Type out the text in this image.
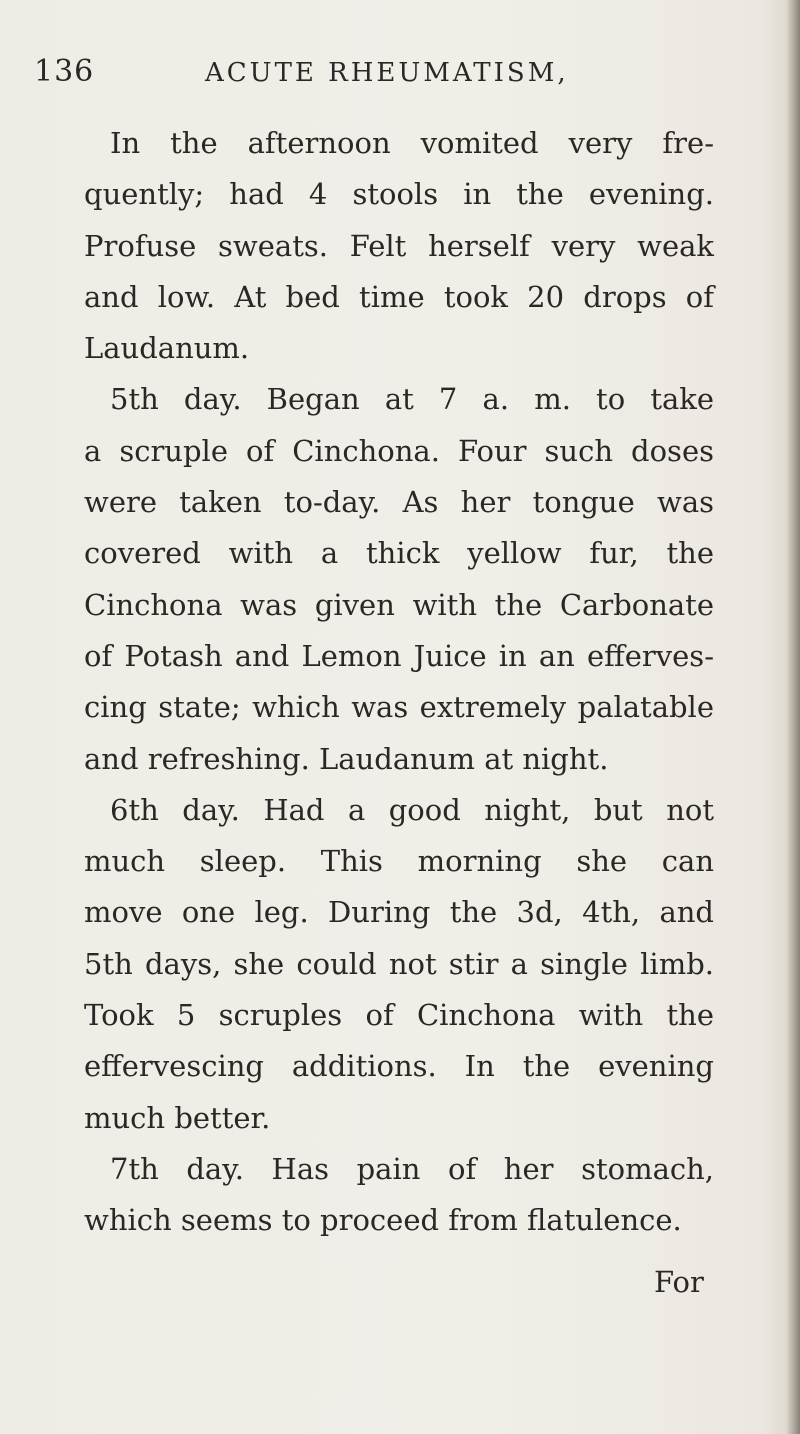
136	ACUTE RHEUMATISM,
In the afternoon vomited very fre-
quently; had 4 stools in the evening.
Profuse sweats. Felt herself very weak
and low. At bed time took 20 drops of
Laudanum.
5th day. Began at 7 a. m. to take
a scruple of Cinchona. Four such doses
were taken to-day. As her tongue was
covered with a thick yellow fur, the
Cinchona was given with the Carbonate
of Potash and Lemon Juice in an efferves-
cing state; which was extremely palatable
and refreshing. Laudanum at night.
6th day. Had a good night, but not
much sleep. This morning she can
move one leg. During the 3d, 4th, and
5th days, she could not stir a single limb.
Took 5 scruples of Cinchona with the
effervescing additions. In the evening
much better.
7th day. Has pain of her stomach,
which seems to proceed from flatulence.
For
